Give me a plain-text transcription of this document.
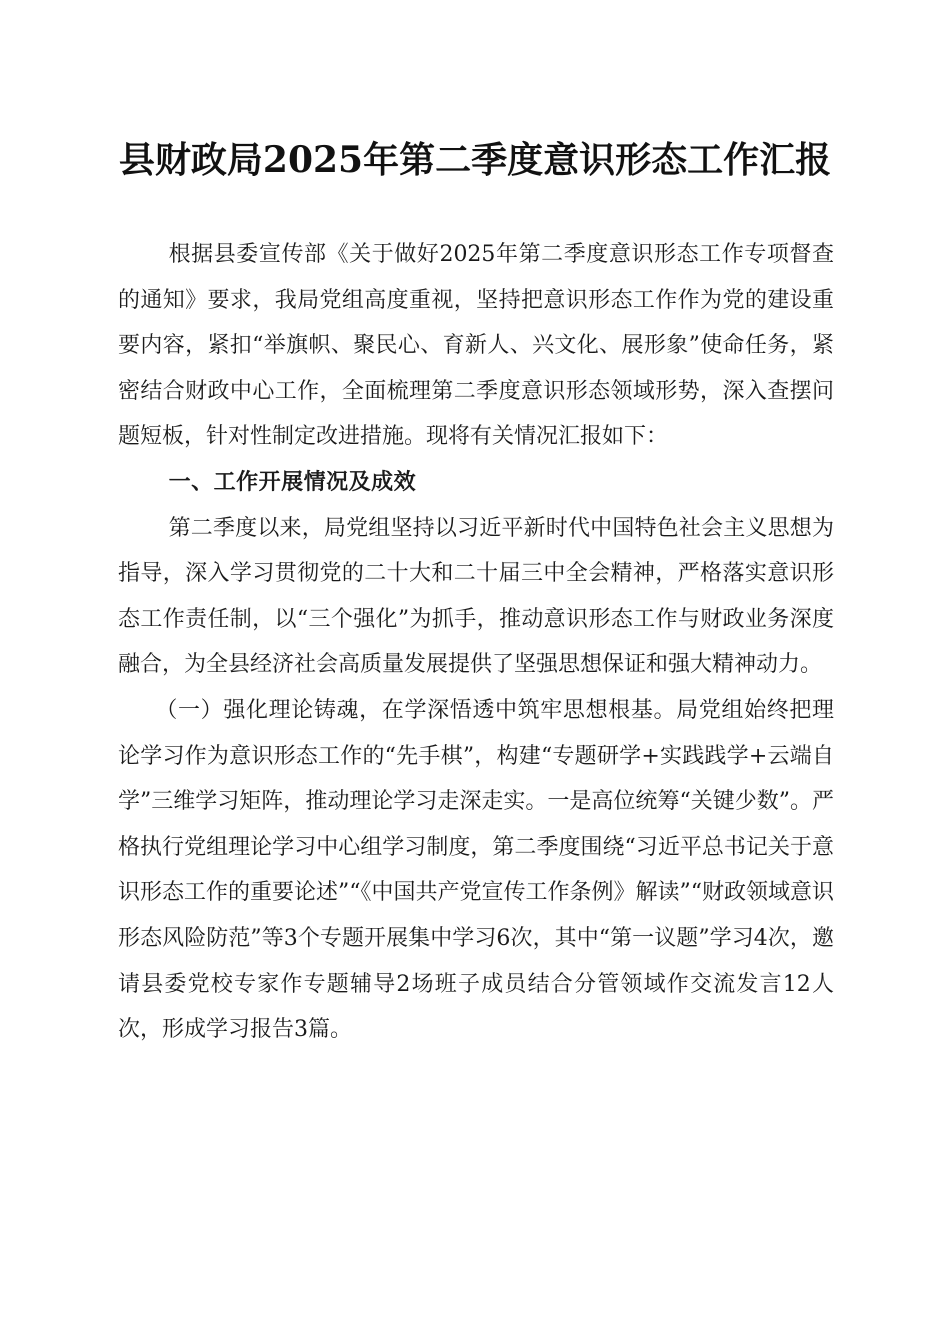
县财政局2025年第二季度意识形态工作汇报

根据县委宣传部《关于做好2025年第二季度意识形态工作专项督查的通知》要求，我局党组高度重视，坚持把意识形态工作作为党的建设重要内容，紧扣“举旗帜、聚民心、育新人、兴文化、展形象”使命任务，紧密结合财政中心工作，全面梳理第二季度意识形态领域形势，深入查摆问题短板，针对性制定改进措施。现将有关情况汇报如下：

一、工作开展情况及成效

第二季度以来，局党组坚持以习近平新时代中国特色社会主义思想为指导，深入学习贯彻党的二十大和二十届三中全会精神，严格落实意识形态工作责任制，以“三个强化”为抓手，推动意识形态工作与财政业务深度融合，为全县经济社会高质量发展提供了坚强思想保证和强大精神动力。

（一）强化理论铸魂，在学深悟透中筑牢思想根基。局党组始终把理论学习作为意识形态工作的“先手棋”，构建“专题研学+实践践学+云端自学”三维学习矩阵，推动理论学习走深走实。一是高位统筹“关键少数”。严格执行党组理论学习中心组学习制度，第二季度围绕“习近平总书记关于意识形态工作的重要论述”“《中国共产党宣传工作条例》解读”“财政领域意识形态风险防范”等3个专题开展集中学习6次，其中“第一议题”学习4次，邀请县委党校专家作专题辅导2场班子成员结合分管领域作交流发言12人次，形成学习报告3篇。
